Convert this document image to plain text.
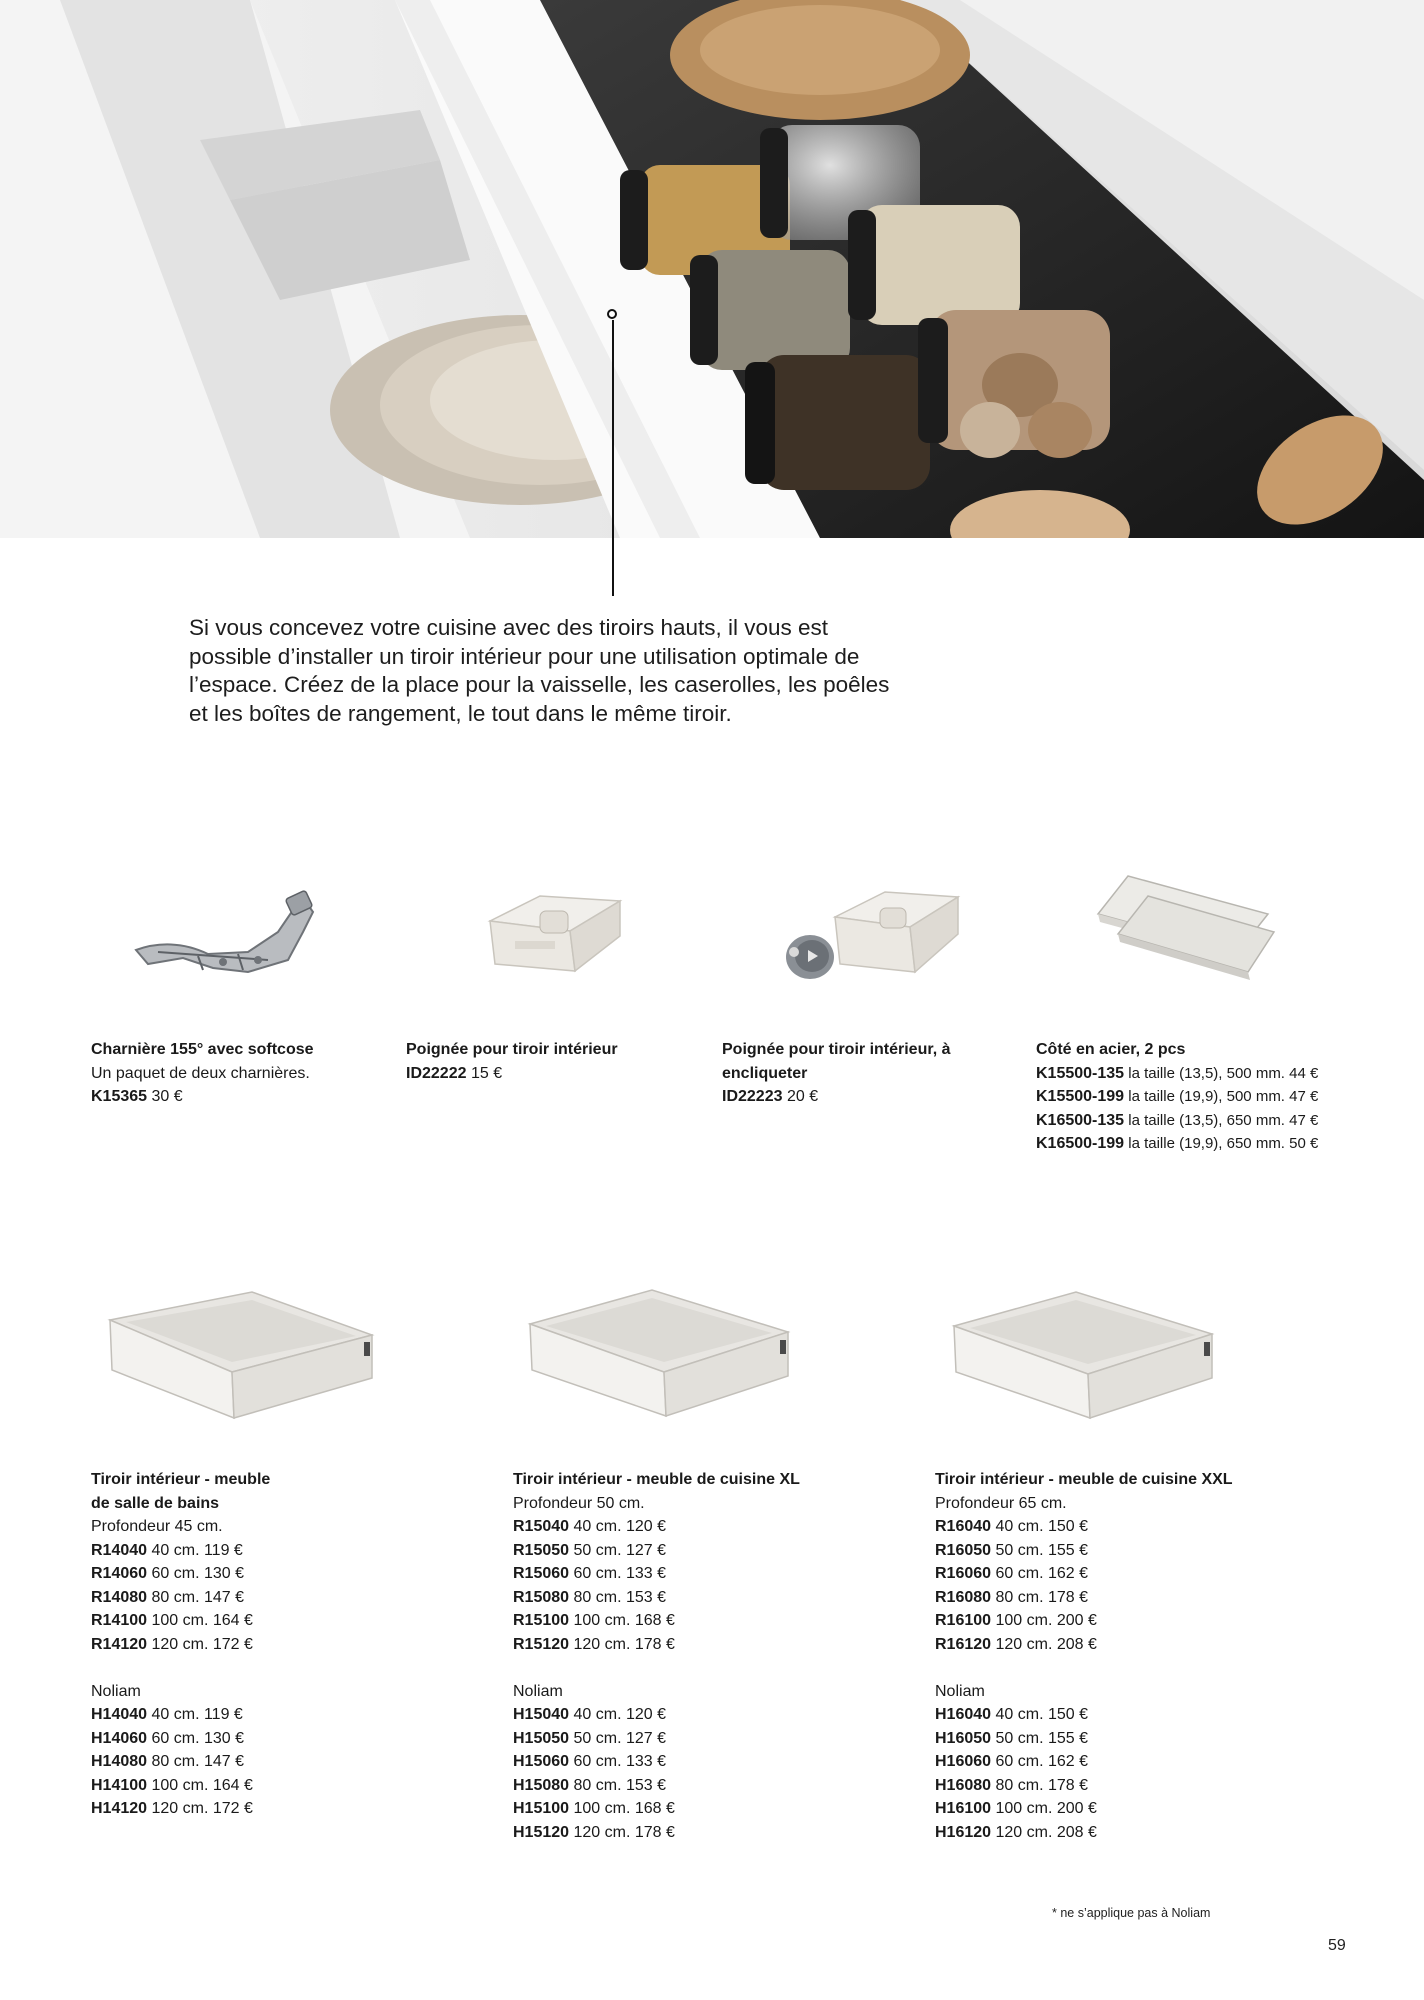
Si vous concevez votre cuisine avec des tiroirs hauts, il vous est possible d’installer un tiroir intérieur pour une utilisation optimale de l’espace. Créez de la place pour la vaisselle, les caserolles, les poêles et les boîtes de rangement, le tout dans le même tiroir.

Charnière 155° avec softcose
Un paquet de deux charnières.
K15365 30 €
Poignée pour tiroir intérieur
ID22222 15 €
Poignée pour tiroir intérieur, à encliqueter
ID22223 20 €
Côté en acier, 2 pcs
K15500-135 la taille (13,5), 500 mm. 44 €
K15500-199 la taille (19,9), 500 mm. 47 €
K16500-135 la taille (13,5), 650 mm. 47 €
K16500-199 la taille (19,9), 650 mm. 50 €
Tiroir intérieur - meuble
de salle de bains
Profondeur 45 cm.
R14040 40 cm. 119 €
R14060 60 cm. 130 €
R14080 80 cm. 147 €
R14100 100 cm. 164 €
R14120 120 cm. 172 €
Noliam
H14040 40 cm. 119 €
H14060 60 cm. 130 €
H14080 80 cm. 147 €
H14100 100 cm. 164 €
H14120 120 cm. 172 €
Tiroir intérieur - meuble de cuisine XL
Profondeur 50 cm.
R15040 40 cm. 120 €
R15050 50 cm. 127 €
R15060 60 cm. 133 €
R15080 80 cm. 153 €
R15100 100 cm. 168 €
R15120 120 cm. 178 €
Noliam
H15040 40 cm. 120 €
H15050 50 cm. 127 €
H15060 60 cm. 133 €
H15080 80 cm. 153 €
H15100 100 cm. 168 €
H15120 120 cm. 178 €
Tiroir intérieur - meuble de cuisine XXL
Profondeur 65 cm.
R16040 40 cm. 150 €
R16050 50 cm. 155 €
R16060 60 cm. 162 €
R16080 80 cm. 178 €
R16100 100 cm. 200 €
R16120 120 cm. 208 €
Noliam
H16040 40 cm. 150 €
H16050 50 cm. 155 €
H16060 60 cm. 162 €
H16080 80 cm. 178 €
H16100 100 cm. 200 €
H16120 120 cm. 208 €
* ne s’applique pas à Noliam
59
